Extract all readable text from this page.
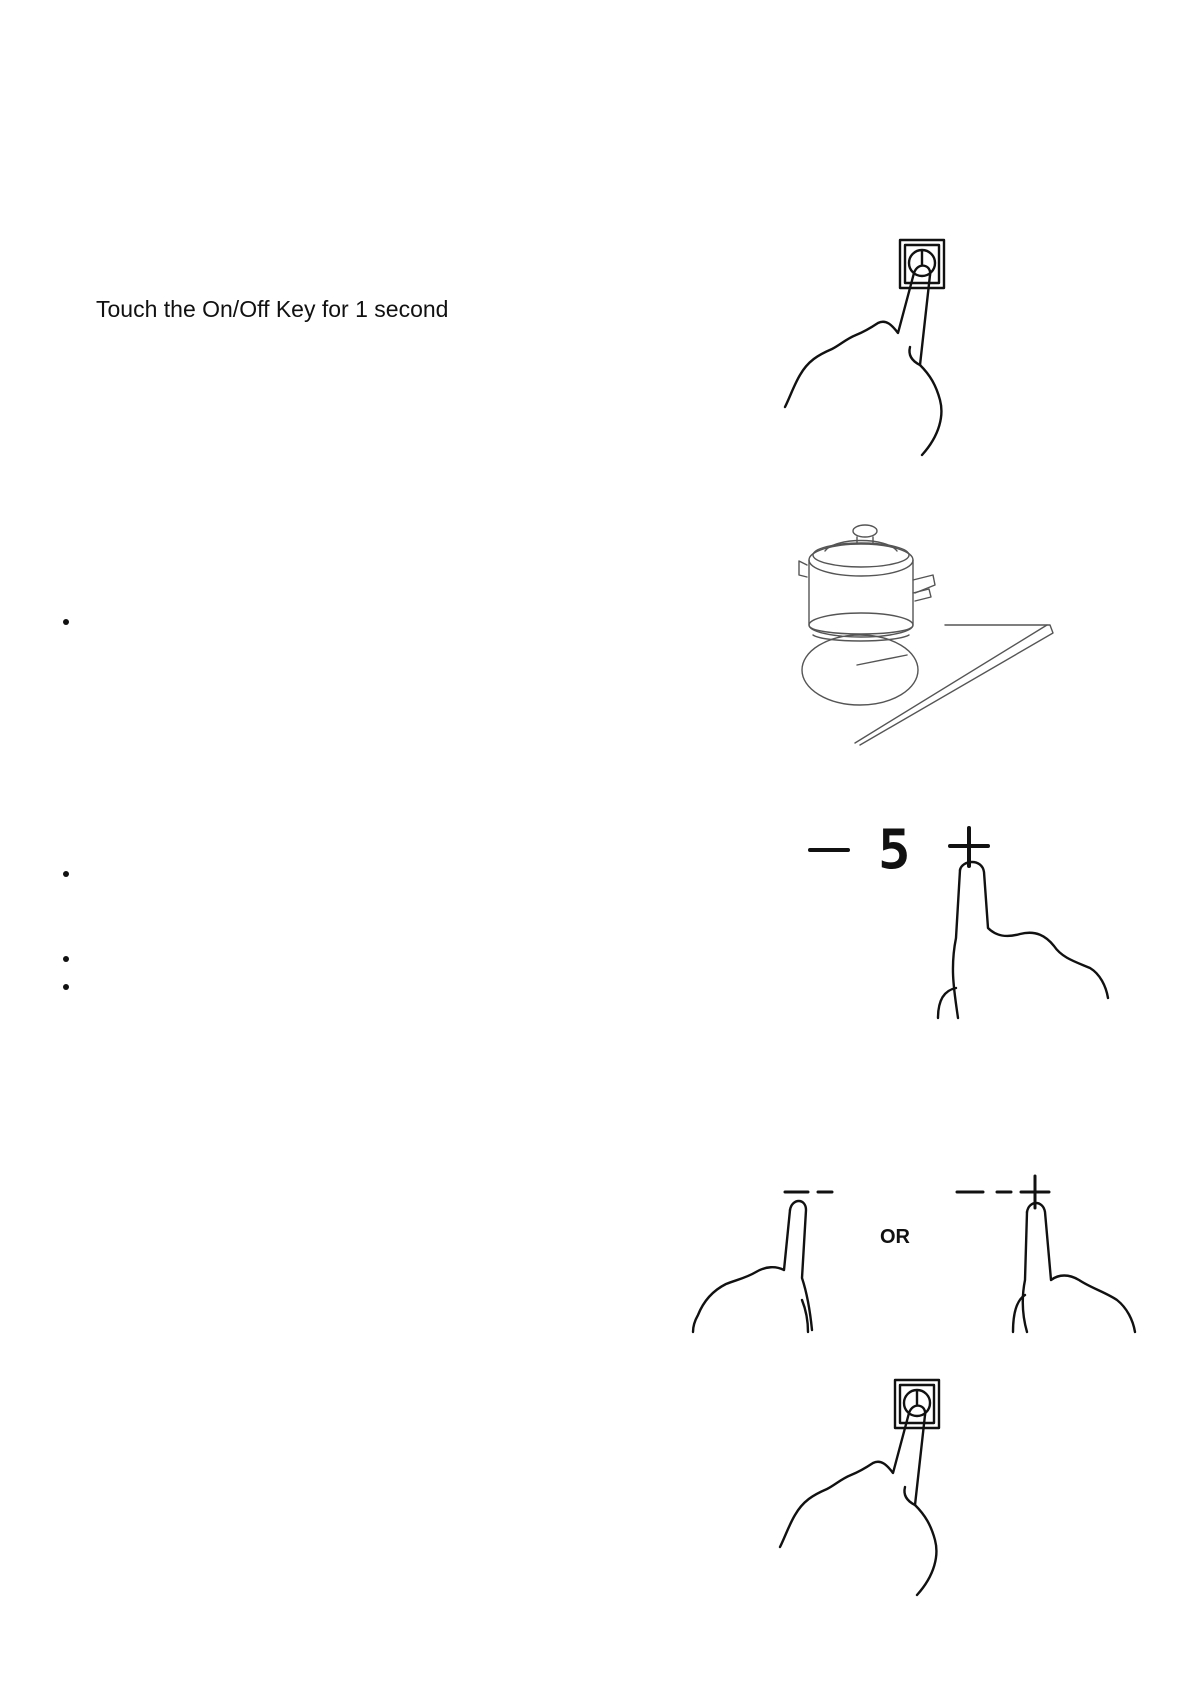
Touch the On/Off Key for 1 second
5
OR
